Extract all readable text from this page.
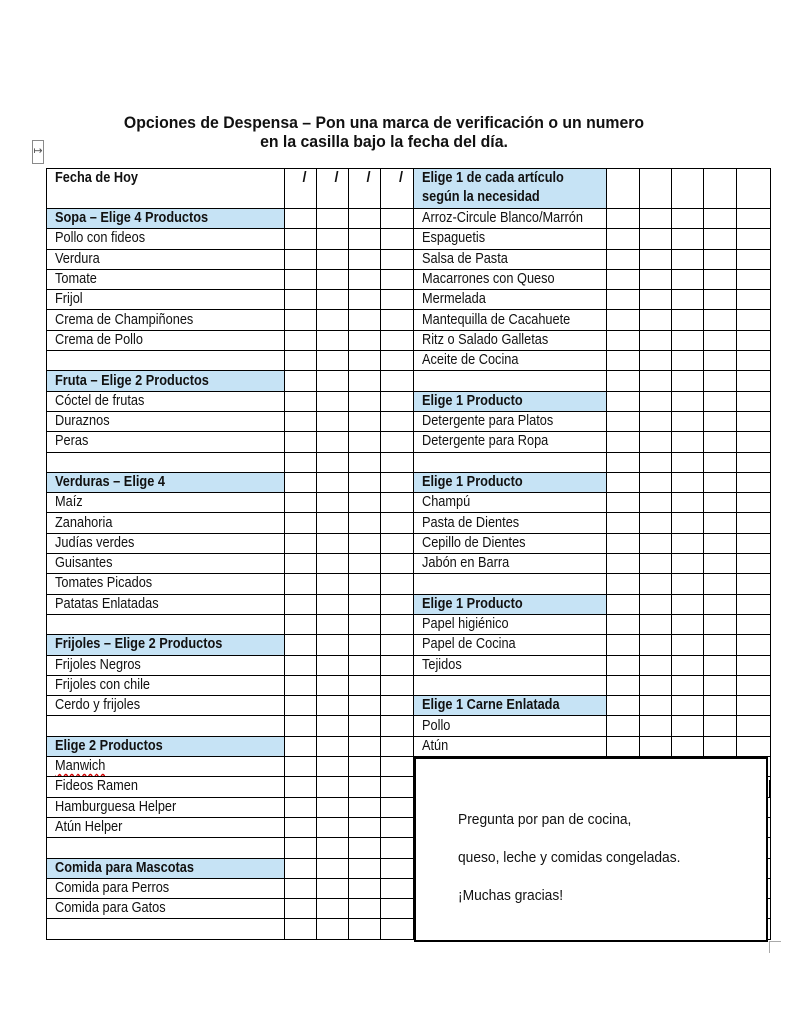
Opciones de Despensa – Pon una marca de verificación o un numero
en la casilla bajo la fecha del día.
↦
Fecha de Hoy	/	/	/	/	Elige 1 de cada artículo
según la necesidad					
Sopa – Elige 4 Productos					Arroz-Circule Blanco/Marrón					
Pollo con fideos					Espaguetis					
Verdura					Salsa de Pasta					
Tomate					Macarrones con Queso					
Frijol					Mermelada					
Crema de Champiñones					Mantequilla de Cacahuete					
Crema de Pollo					Ritz o Salado Galletas					
					Aceite de Cocina					
Fruta – Elige 2 Productos										
Cóctel de frutas					Elige 1 Producto					
Duraznos					Detergente para Platos					
Peras					Detergente para Ropa					

Verduras – Elige 4					Elige 1 Producto					
Maíz					Champú					
Zanahoria					Pasta de Dientes					
Judías verdes					Cepillo de Dientes					
Guisantes					Jabón en Barra					
Tomates Picados										
Patatas Enlatadas					Elige 1 Producto					
					Papel higiénico					
Frijoles – Elige 2 Productos					Papel de Cocina					
Frijoles Negros					Tejidos					
Frijoles con chile										
Cerdo y frijoles					Elige 1 Carne Enlatada					
					Pollo					
Elige 2 Productos					Atún					
Manwich										
Fideos Ramen										
Hamburguesa Helper										
Atún Helper										

Comida para Mascotas										
Comida para Perros										
Comida para Gatos										

Pregunta por pan de cocina,
queso, leche y comidas congeladas.
¡Muchas gracias!
